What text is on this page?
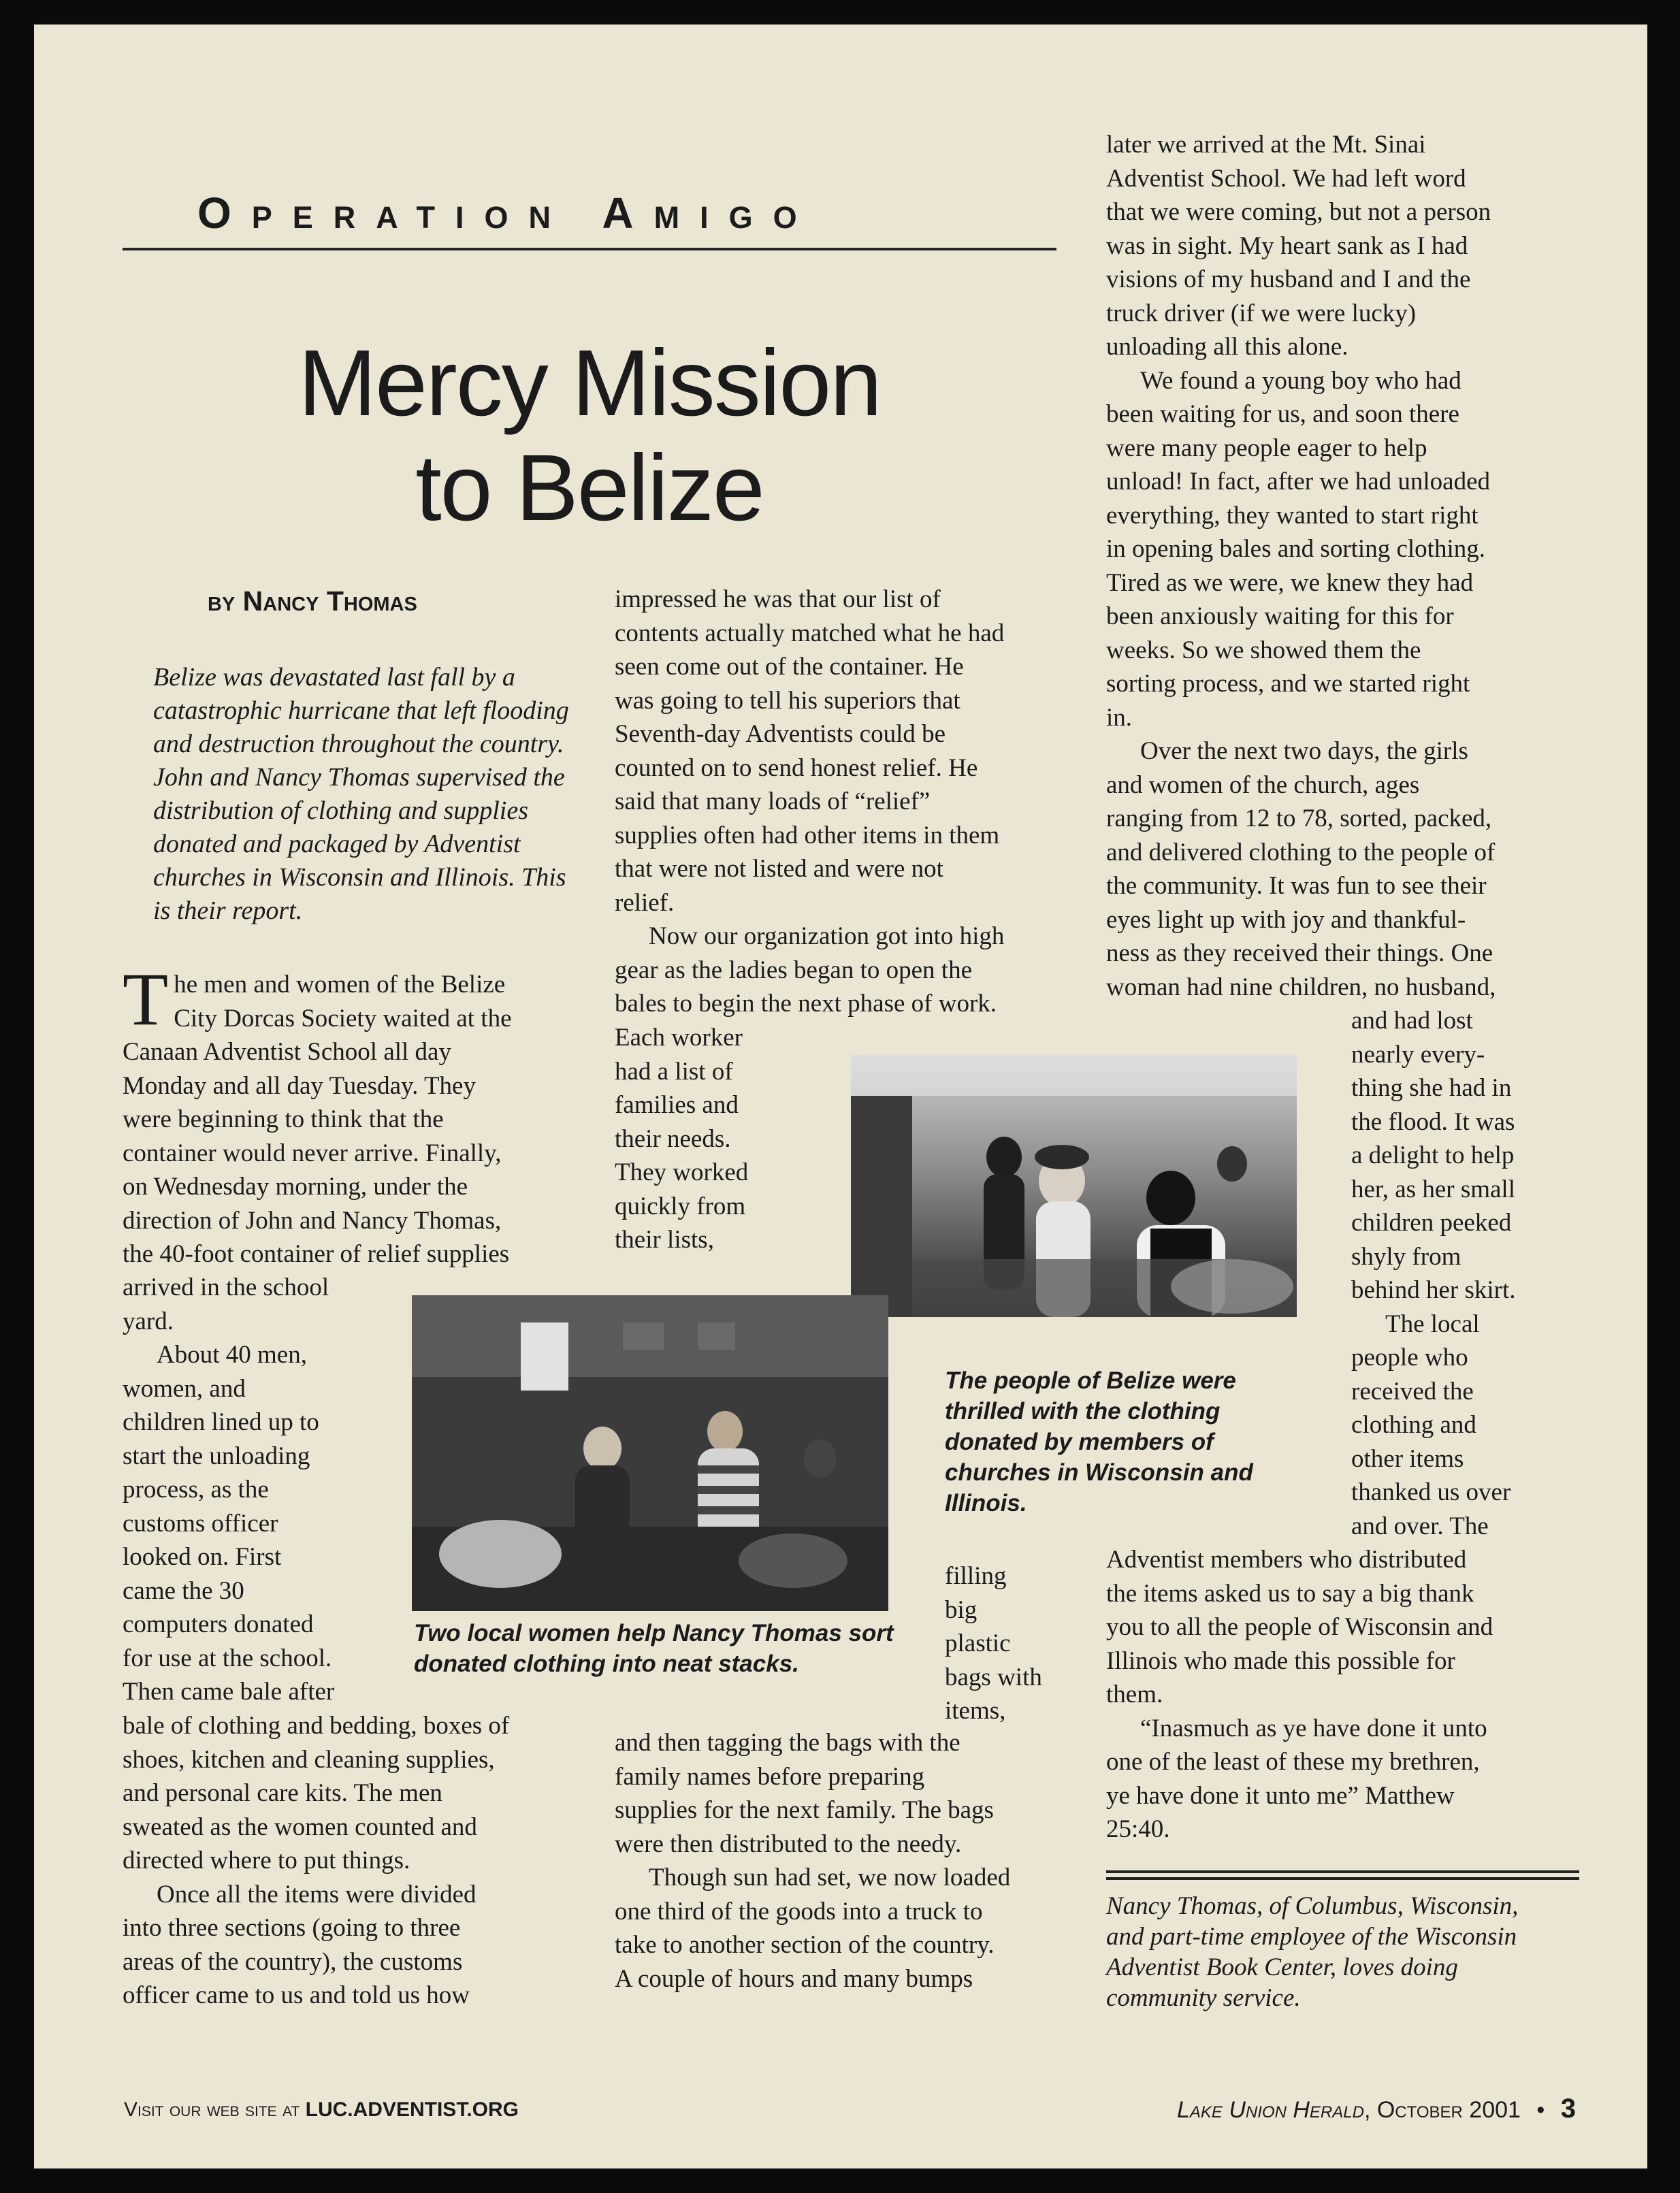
Operation Amigo
Mercy Mission
to Belize
by Nancy Thomas
Belize was devastated last fall by a catastrophic hurricane that left flooding and destruction throughout the country. John and Nancy Thomas supervised the distribution of clothing and supplies donated and packaged by Adventist churches in Wisconsin and Illinois. This is their report.
T he men and women of the Belize
City Dorcas Society waited at the
Canaan Adventist School all day
Monday and all day Tuesday. They
were beginning to think that the
container would never arrive. Finally,
on Wednesday morning, under the
direction of John and Nancy Thomas,
the 40-foot container of relief supplies
arrived in the school
yard.
About 40 men,
women, and
children lined up to
start the unloading
process, as the
customs officer
looked on. First
came the 30
computers donated
for use at the school.
Then came bale after
bale of clothing and bedding, boxes of
shoes, kitchen and cleaning supplies,
and personal care kits. The men
sweated as the women counted and
directed where to put things.
Once all the items were divided
into three sections (going to three
areas of the country), the customs
officer came to us and told us how
impressed he was that our list of
contents actually matched what he had
seen come out of the container. He
was going to tell his superiors that
Seventh-day Adventists could be
counted on to send honest relief. He
said that many loads of “relief”
supplies often had other items in them
that were not listed and were not
relief.
Now our organization got into high
gear as the ladies began to open the
bales to begin the next phase of work.
Each worker
had a list of
families and
their needs.
They worked
quickly from
their lists,
filling
big
plastic
bags with
items,
and then tagging the bags with the
family names before preparing
supplies for the next family. The bags
were then distributed to the needy.
Though sun had set, we now loaded
one third of the goods into a truck to
take to another section of the country.
A couple of hours and many bumps
later we arrived at the Mt. Sinai
Adventist School. We had left word
that we were coming, but not a person
was in sight. My heart sank as I had
visions of my husband and I and the
truck driver (if we were lucky)
unloading all this alone.
We found a young boy who had
been waiting for us, and soon there
were many people eager to help
unload! In fact, after we had unloaded
everything, they wanted to start right
in opening bales and sorting clothing.
Tired as we were, we knew they had
been anxiously waiting for this for
weeks. So we showed them the
sorting process, and we started right
in.
Over the next two days, the girls
and women of the church, ages
ranging from 12 to 78, sorted, packed,
and delivered clothing to the people of
the community. It was fun to see their
eyes light up with joy and thankful-
ness as they received their things. One
woman had nine children, no husband,
and had lost
nearly every-
thing she had in
the flood. It was
a delight to help
her, as her small
children peeked
shyly from
behind her skirt.
The local
people who
received the
clothing and
other items
thanked us over
and over. The
Adventist members who distributed
the items asked us to say a big thank
you to all the people of Wisconsin and
Illinois who made this possible for
them.
“Inasmuch as ye have done it unto
one of the least of these my brethren,
ye have done it unto me” Matthew
25:40.
Nancy Thomas, of Columbus, Wisconsin, and part-time employee of the Wisconsin Adventist Book Center, loves doing community service.
The people of Belize were thrilled with the clothing donated by members of churches in Wisconsin and Illinois.
Two local women help Nancy Thomas sort donated clothing into neat stacks.
Visit our web site at LUC.ADVENTIST.ORG	Lake Union Herald, October 2001 • 3
